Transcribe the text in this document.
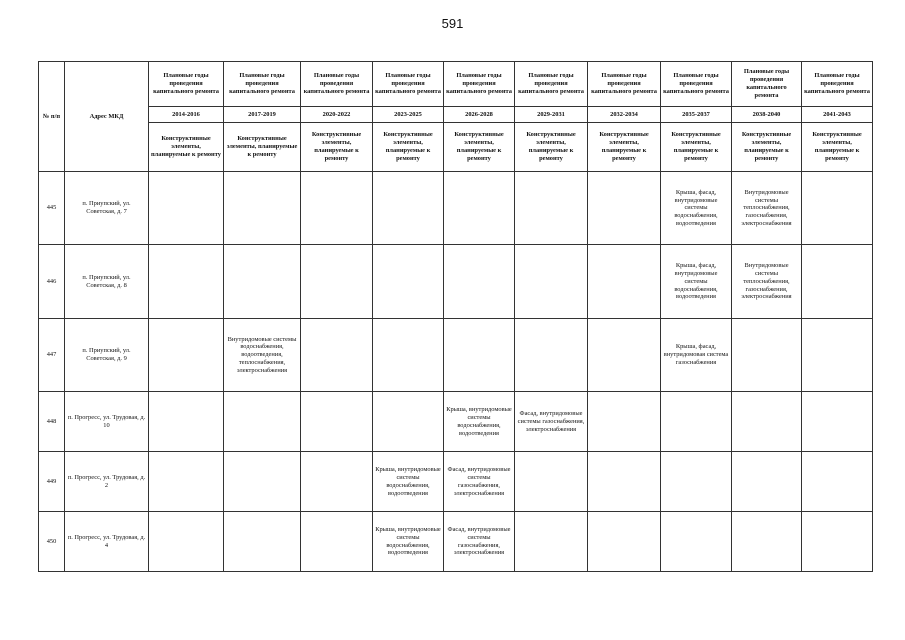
591
№ п/п	Адрес МКД	Плановые годы проведения капитального ремонта	Плановые годы проведения капитального ремонта	Плановые годы проведения капитального ремонта	Плановые годы проведения капитального ремонта	Плановые годы проведения капитального ремонта	Плановые годы проведения капитального ремонта	Плановые годы проведения капитального ремонта	Плановые годы проведения капитального ремонта	Плановые годы проведения капитального ремонта	Плановые годы проведения капитального ремонта
		2014-2016	2017-2019	2020-2022	2023-2025	2026-2028	2029-2031	2032-2034	2035-2037	2038-2040	2041-2043
		Конструктивные элементы, планируемые к ремонту	Конструктивные элементы, планируемые к ремонту	Конструктивные элементы, планируемые к ремонту	Конструктивные элементы, планируемые к ремонту	Конструктивные элементы, планируемые к ремонту	Конструктивные элементы, планируемые к ремонту	Конструктивные элементы, планируемые к ремонту	Конструктивные элементы, планируемые к ремонту	Конструктивные элементы, планируемые к ремонту	Конструктивные элементы, планируемые к ремонту
445	п. Приупский, ул. Советская, д. 7								Крыша, фасад, внутридомовые системы водоснабжения, водоотведения	Внутридомовые системы теплоснабжения, газоснабжения, электроснабжения	
446	п. Приупский, ул. Советская, д. 8								Крыша, фасад, внутридомовые системы водоснабжения, водоотведения	Внутридомовые системы теплоснабжения, газоснабжения, электроснабжения	
447	п. Приупский, ул. Советская, д. 9		Внутридомовые системы водоснабжения, водоотведения, теплоснабжения, электроснабжения						Крыша, фасад, внутридомовая система газоснабжения		
448	п. Прогресс, ул. Трудовая, д. 10					Крыша, внутридомовые системы водоснабжения, водоотведения	Фасад, внутридомовые системы газоснабжения, электроснабжения				
449	п. Прогресс, ул. Трудовая, д. 2				Крыша, внутридомовые системы водоснабжения, водоотведения	Фасад, внутридомовые системы газоснабжения, электроснабжения					
450	п. Прогресс, ул. Трудовая, д. 4				Крыша, внутридомовые системы водоснабжения, водоотведения	Фасад, внутридомовые системы газоснабжения, электроснабжения					
